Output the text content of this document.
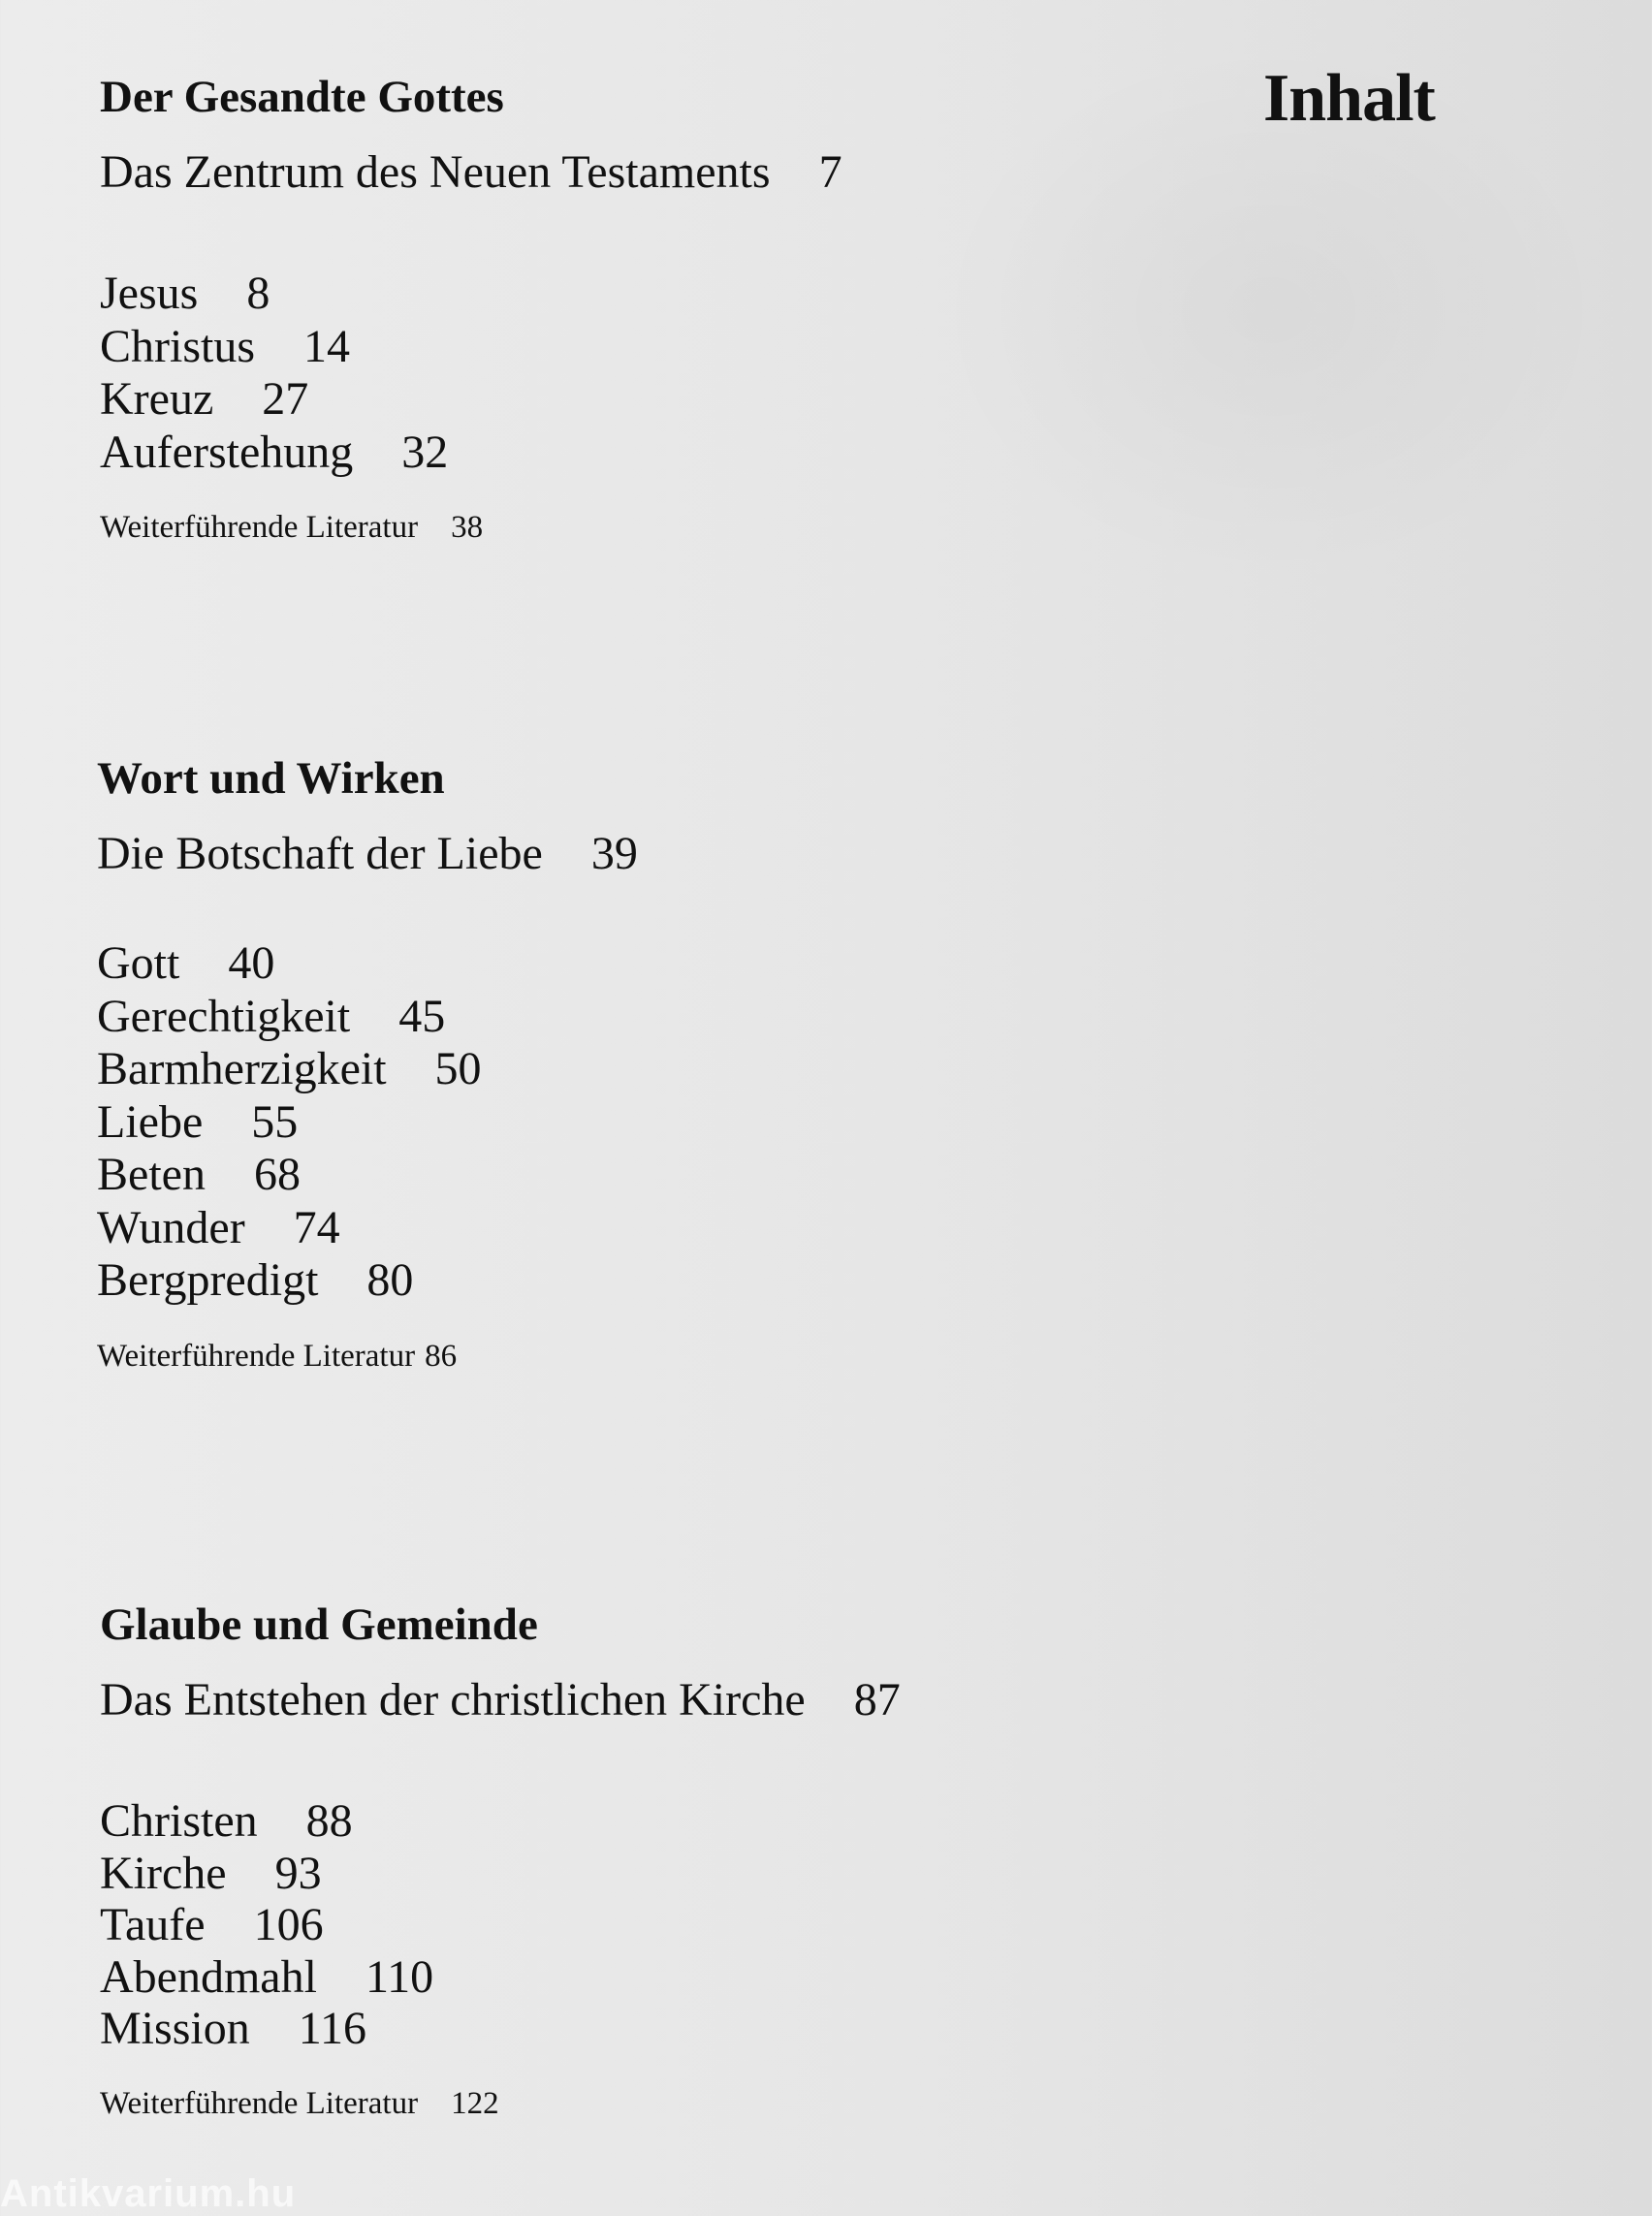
Inhalt
Der Gesandte Gottes
Das Zentrum des Neuen Testaments 7
Jesus 8
Christus 14
Kreuz 27
Auferstehung 32
Weiterführende Literatur 38
Wort und Wirken
Die Botschaft der Liebe 39
Gott 40
Gerechtigkeit 45
Barmherzigkeit 50
Liebe 55
Beten 68
Wunder 74
Bergpredigt 80
Weiterführende Literatur 86
Glaube und Gemeinde
Das Entstehen der christlichen Kirche 87
Christen 88
Kirche 93
Taufe 106
Abendmahl 110
Mission 116
Weiterführende Literatur 122
Antikvarium.hu
